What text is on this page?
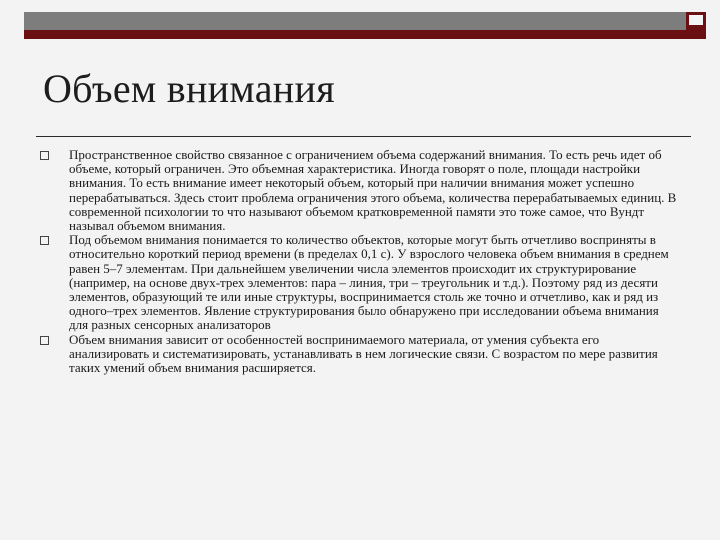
Объем внимания
Пространственное свойство связанное с ограничением объема содержаний внимания. То есть речь идет об объеме, который ограничен. Это объемная характеристика. Иногда говорят о поле, площади настройки внимания. То есть внимание имеет некоторый объем, который при наличии внимания может успешно перерабатываться. Здесь стоит проблема ограничения этого объема, количества перерабатываемых единиц. В современной психологии то что называют объемом кратковременной памяти это тоже самое, что Вундт называл объемом внимания.
Под объемом внимания понимается то количество объектов, которые могут быть отчетливо восприняты в относительно короткий период времени (в пределах 0,1 с). У взрослого человека объем внимания в среднем равен 5–7 элементам. При дальнейшем увеличении числа элементов происходит их структурирование (например, на основе двух-трех элементов: пара – линия, три – треугольник и т.д.). Поэтому ряд из десяти элементов, образующий те или иные структуры, воспринимается столь же точно и отчетливо, как и ряд из одного–трех элементов. Явление структурирования было обнаружено при исследовании объема внимания для разных сенсорных анализаторов
Объем внимания зависит от особенностей воспринимаемого материала, от умения субъекта его анализировать и систематизировать, устанавливать в нем логические связи. С возрастом по мере развития таких умений объем внимания расширяется.
